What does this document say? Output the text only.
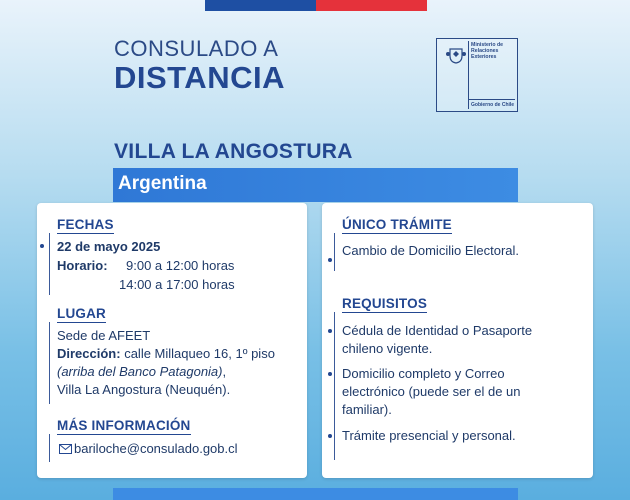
CONSULADO A
DISTANCIA
Ministerio de
Relaciones
Exteriores
Gobierno de Chile
VILLA LA ANGOSTURA
Argentina
FECHAS
22 de mayo 2025
Horario: 9:00 a 12:00 horas
14:00 a 17:00 horas
LUGAR
Sede de AFEET
Dirección: calle Millaqueo 16, 1º piso
(arriba del Banco Patagonia),
Villa La Angostura (Neuquén).
MÁS INFORMACIÓN
bariloche@consulado.gob.cl
ÚNICO TRÁMITE
Cambio de Domicilio Electoral.
REQUISITOS
Cédula de Identidad o Pasaporte
chileno vigente.
Domicilio completo y Correo
electrónico (puede ser el de un
familiar).
Trámite presencial y personal.
